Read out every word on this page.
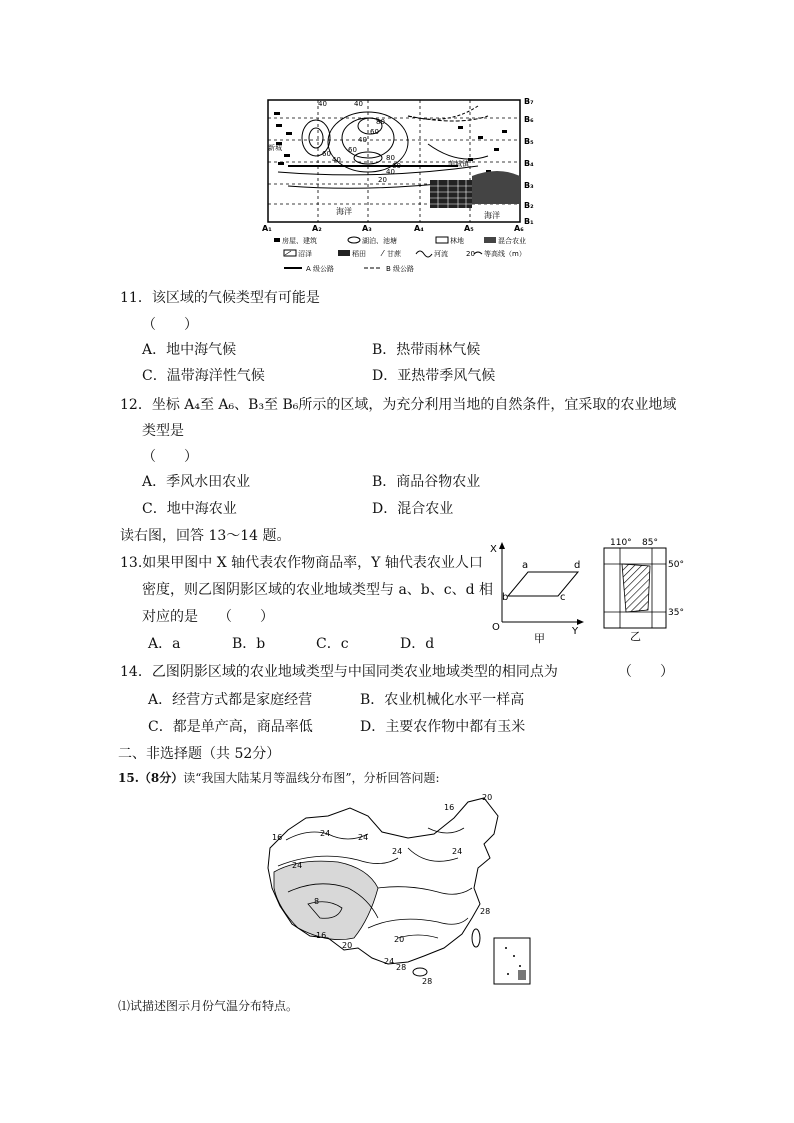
40
60
40
60
40
60	80
60
40
20
40
80
新城
美城镇
海洋	海洋
A₁	A₂	A₃	A₄	A₅	A₆
B₇
B₆
B₅
B₄
B₃
B₂
B₁
房屋、建筑	湖泊、池塘	林地	混合农业
沼泽	稻田 ⁄ 甘蔗	河流	20 等高线（m）
A 级公路	B 级公路
11．该区域的气候类型有可能是
（　　）
A．地中海气候	B．热带雨林气候
C．温带海洋性气候	D．亚热带季风气候
12．坐标 A₄至 A₆、B₃至 B₆所示的区域，为充分利用当地的自然条件，宜采取的农业地域
类型是
（　　）
A．季风水田农业	B．商品谷物农业
C．地中海农业	D．混合农业
读右图，回答 13～14 题。
13.如果甲图中 X 轴代表农作物商品率，Y 轴代表农业人口
密度，则乙图阴影区域的农业地域类型与 a、b、c、d 相
对应的是 （　　）
A．a	B．b	C．c	D．d
X
Y
O
a	d
b	c
甲
110° 85°
50°
35°
乙
14．乙图阴影区域的农业地域类型与中国同类农业地域类型的相同点为	（　　）
A．经营方式都是家庭经营	B．农业机械化水平一样高
C．都是单产高，商品率低	D．主要农作物中都有玉米
二、非选择题（共 52分）
15.（8分）读“我国大陆某月等温线分布图”，分析回答问题:
16
20
16	24	24
24	24
24
8
28
16
20
20
24
28
28
⑴试描述图示月份气温分布特点。
